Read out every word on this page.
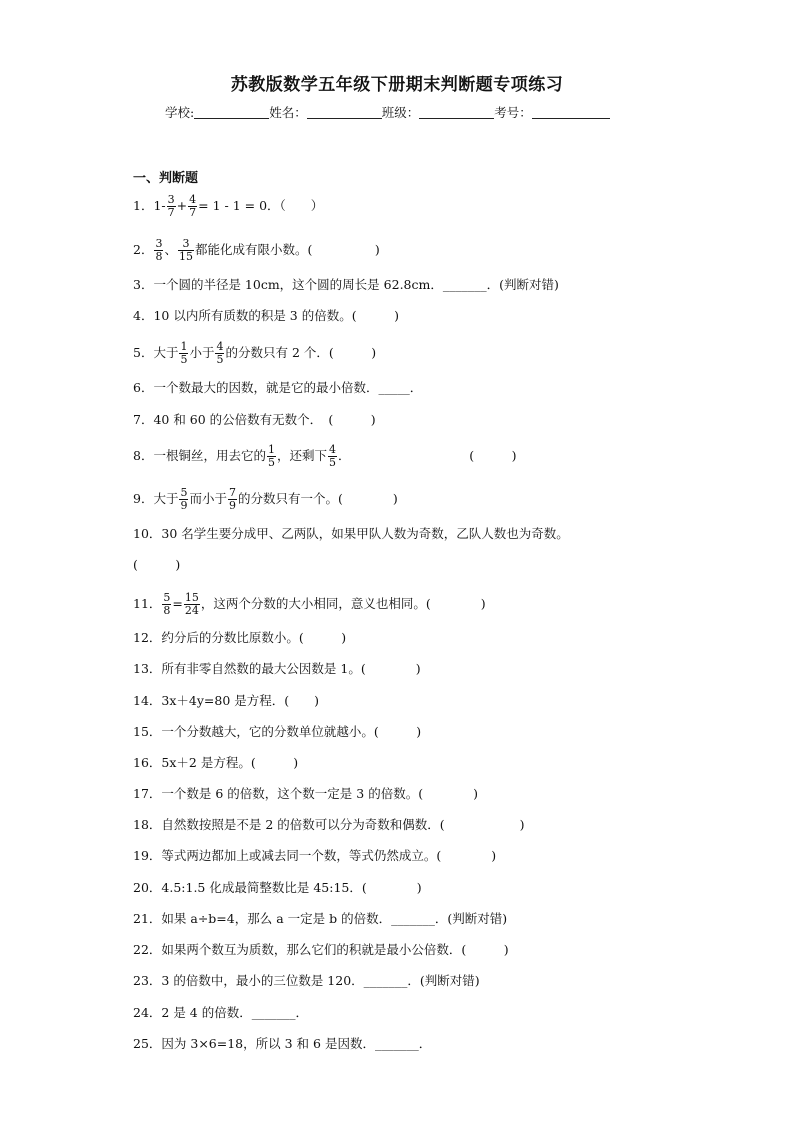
苏教版数学五年级下册期末判断题专项练习
学校:	姓名：	班级：	考号：
一、判断题
1．$1- \frac{3}{7} + \frac{4}{7} = 1 - 1 = 0$．（　　）
2． $\frac{3}{8}$ 、 $\frac{3}{15}$ 都能化成有限小数。(　　　　　)
3．一个圆的半径是 10cm，这个圆的周长是 62.8cm．_______．(判断对错)
4．10 以内所有质数的积是 3 的倍数。(　　　)
5．大于 $\frac{1}{5}$ 小于 $\frac{4}{5}$ 的分数只有 2 个．(　　　)
6．一个数最大的因数，就是它的最小倍数．_____．
7．40 和 60 的公倍数有无数个．　(　　　)
8．一根铜丝，用去它的 $\frac{1}{5}$ ，还剩下 $\frac{4}{5}$ ．　　　　　　　　　　(　　　)
9．大于 $\frac{5}{9}$ 而小于 $\frac{7}{9}$ 的分数只有一个。(　　　　)
10．30 名学生要分成甲、乙两队，如果甲队人数为奇数，乙队人数也为奇数。
(　　　)
11． $\frac{5}{8} = \frac{15}{24}$ ，这两个分数的大小相同，意义也相同。(　　　　)
12．约分后的分数比原数小。(　　　)
13．所有非零自然数的最大公因数是 1。(　　　　)
14．3x＋4y=80 是方程．(　　)
15．一个分数越大，它的分数单位就越小。(　　　)
16．5x＋2 是方程。(　　　)
17．一个数是 6 的倍数，这个数一定是 3 的倍数。(　　　　)
18．自然数按照是不是 2 的倍数可以分为奇数和偶数．(　　　　　　)
19．等式两边都加上或减去同一个数，等式仍然成立。(　　　　)
20．4.5:1.5 化成最简整数比是 45:15．(　　　　)
21．如果 a÷b=4，那么 a 一定是 b 的倍数．_______．(判断对错)
22．如果两个数互为质数，那么它们的积就是最小公倍数．(　　　)
23．3 的倍数中，最小的三位数是 120．_______．(判断对错)
24．2 是 4 的倍数．_______．
25．因为 3×6=18，所以 3 和 6 是因数．_______．
